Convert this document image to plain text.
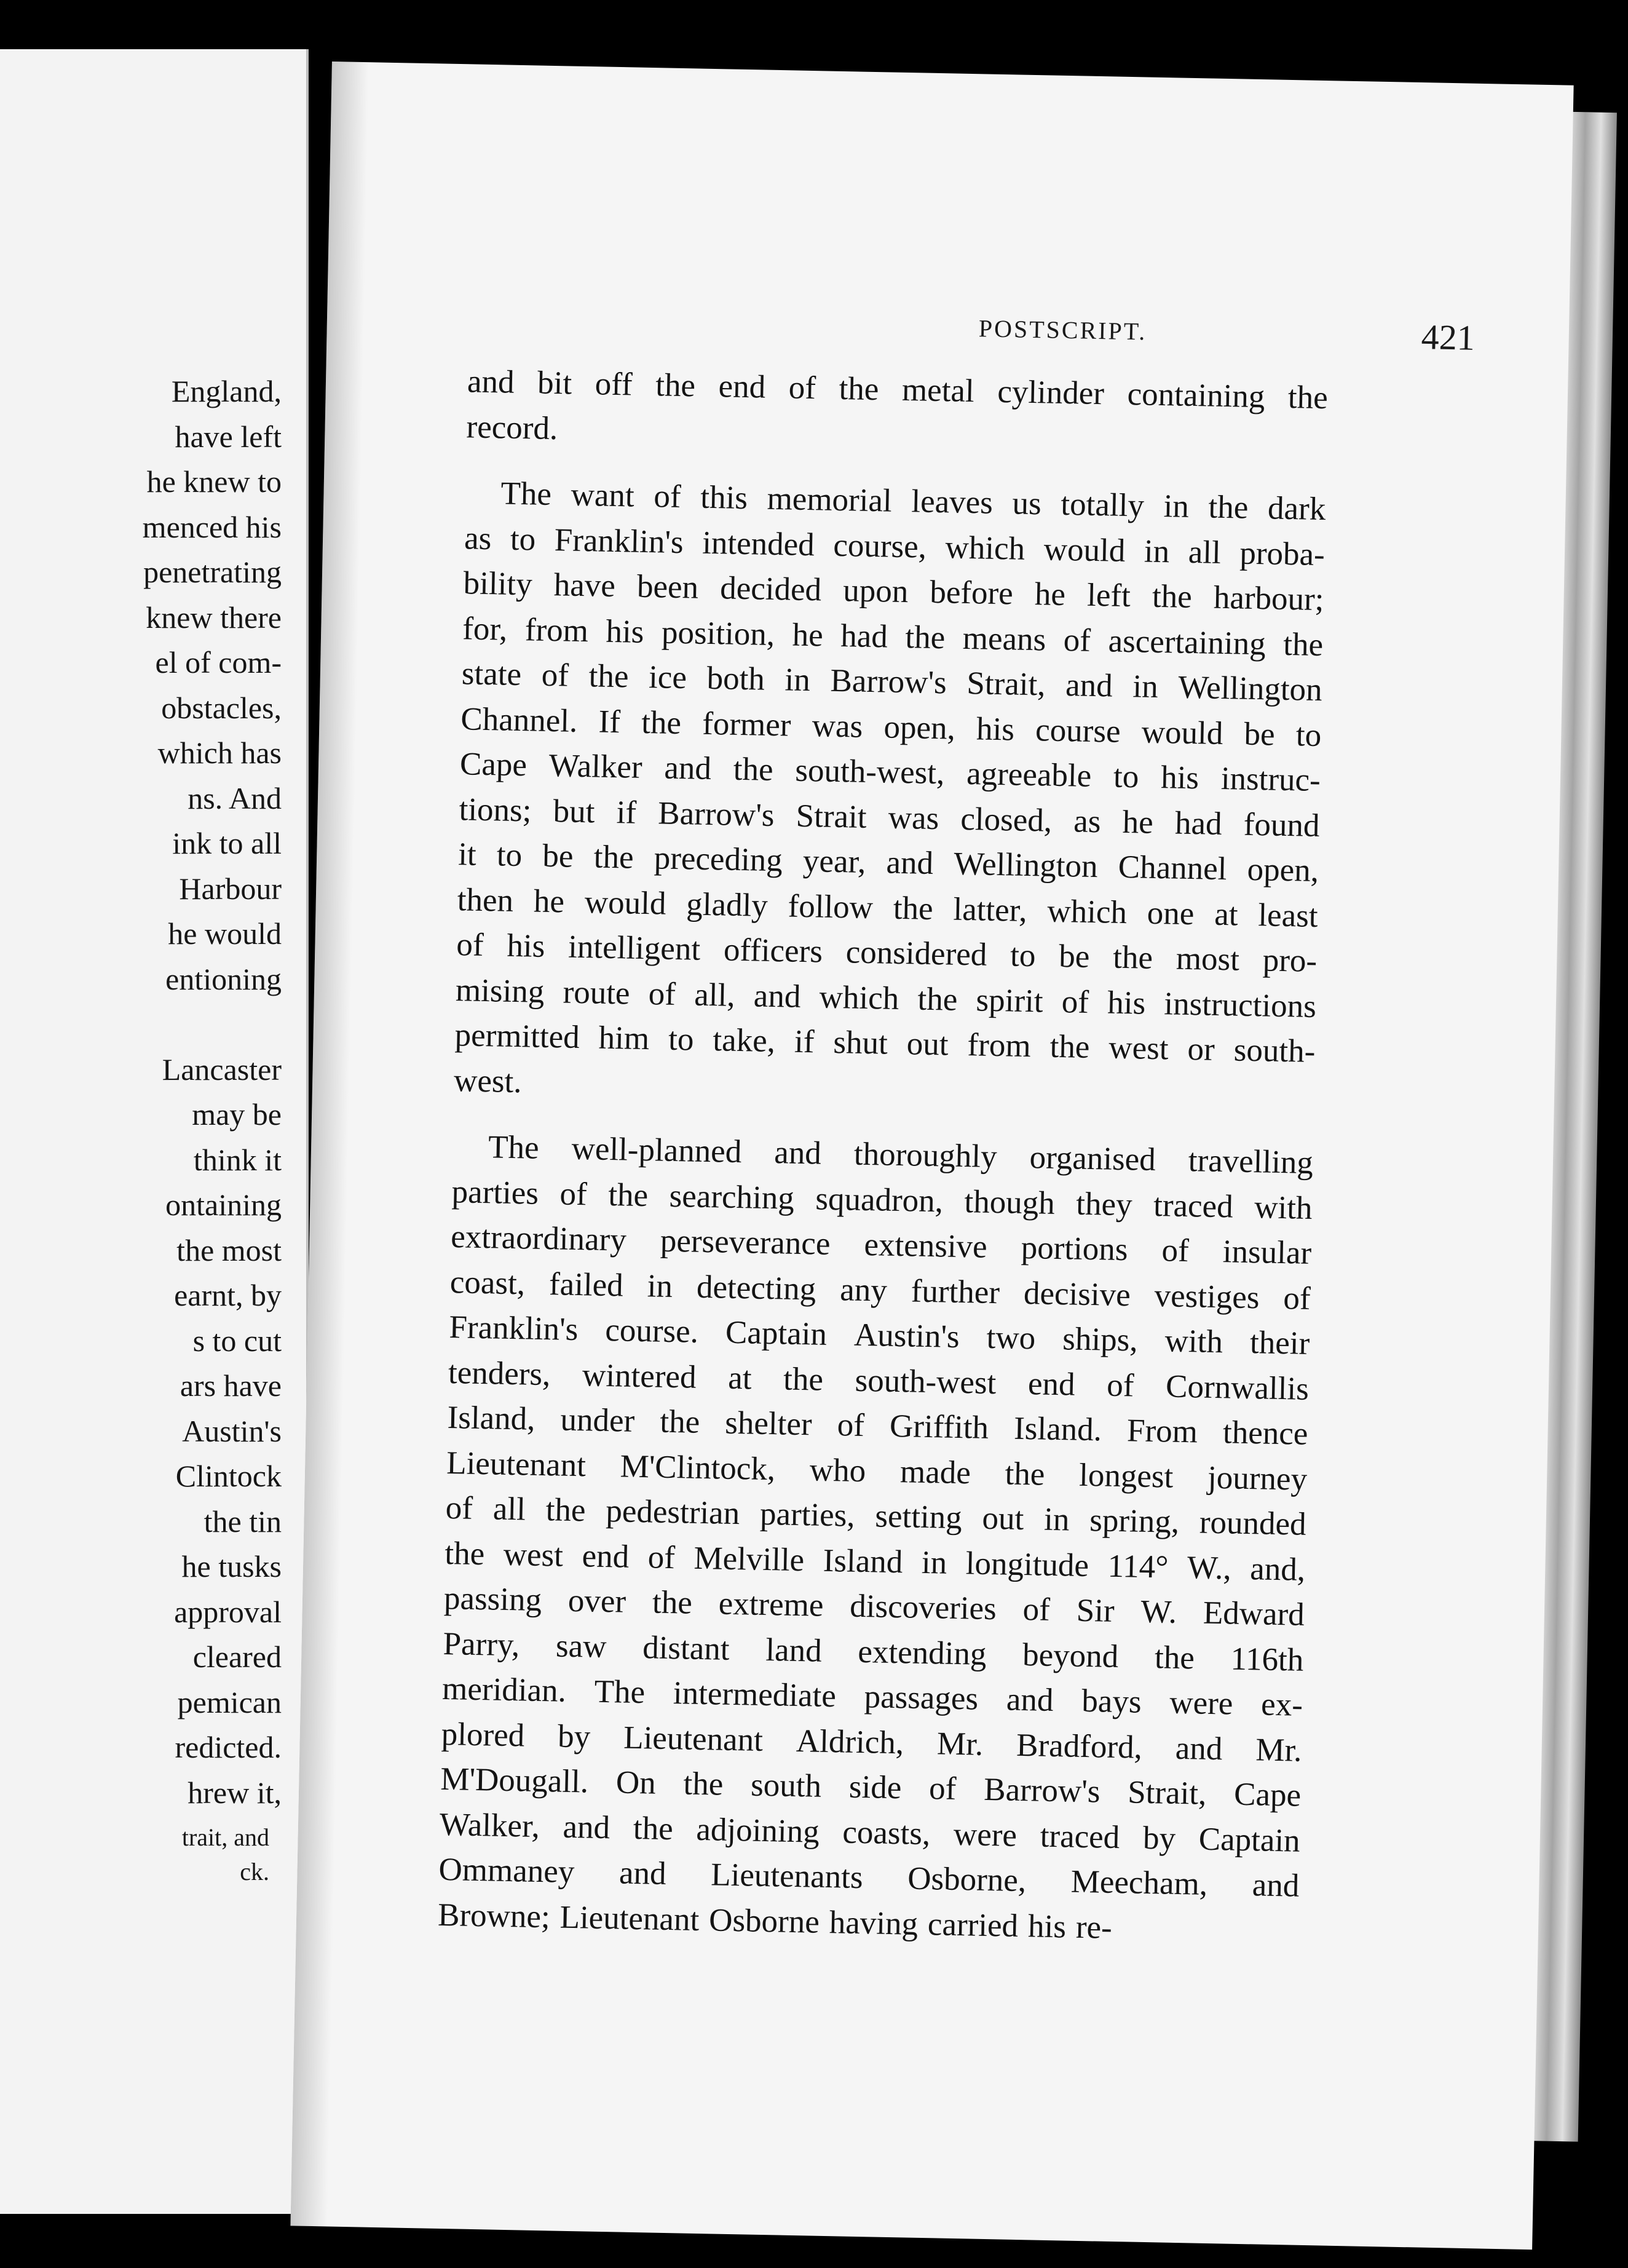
England,
have left
he knew to
menced his
penetrating
knew there
el of com-
obstacles,
which has
ns. And
ink to all
Harbour
he would
entioning
Lancaster
may be
think it
ontaining
the most
earnt, by
s to cut
ars have
Austin's
Clintock
the tin
he tusks
approval
cleared
pemican
redicted.
hrew it,
trait, and
ck.
POSTSCRIPT.	421
and bit off the end of the metal cylinder containing the
record.
The want of this memorial leaves us totally in the dark
as to Franklin's intended course, which would in all proba-
bility have been decided upon before he left the harbour;
for, from his position, he had the means of ascertaining the
state of the ice both in Barrow's Strait, and in Wellington
Channel. If the former was open, his course would be to
Cape Walker and the south-west, agreeable to his instruc-
tions; but if Barrow's Strait was closed, as he had found
it to be the preceding year, and Wellington Channel open,
then he would gladly follow the latter, which one at least
of his intelligent officers considered to be the most pro-
mising route of all, and which the spirit of his instructions
permitted him to take, if shut out from the west or south-
west.
The well-planned and thoroughly organised travelling
parties of the searching squadron, though they traced with
extraordinary perseverance extensive portions of insular
coast, failed in detecting any further decisive vestiges of
Franklin's course. Captain Austin's two ships, with their
tenders, wintered at the south-west end of Cornwallis
Island, under the shelter of Griffith Island. From thence
Lieutenant M'Clintock, who made the longest journey
of all the pedestrian parties, setting out in spring, rounded
the west end of Melville Island in longitude 114° W., and,
passing over the extreme discoveries of Sir W. Edward
Parry, saw distant land extending beyond the 116th
meridian. The intermediate passages and bays were ex-
plored by Lieutenant Aldrich, Mr. Bradford, and Mr.
M'Dougall. On the south side of Barrow's Strait, Cape
Walker, and the adjoining coasts, were traced by Captain
Ommaney and Lieutenants Osborne, Meecham, and
Browne; Lieutenant Osborne having carried his re-
